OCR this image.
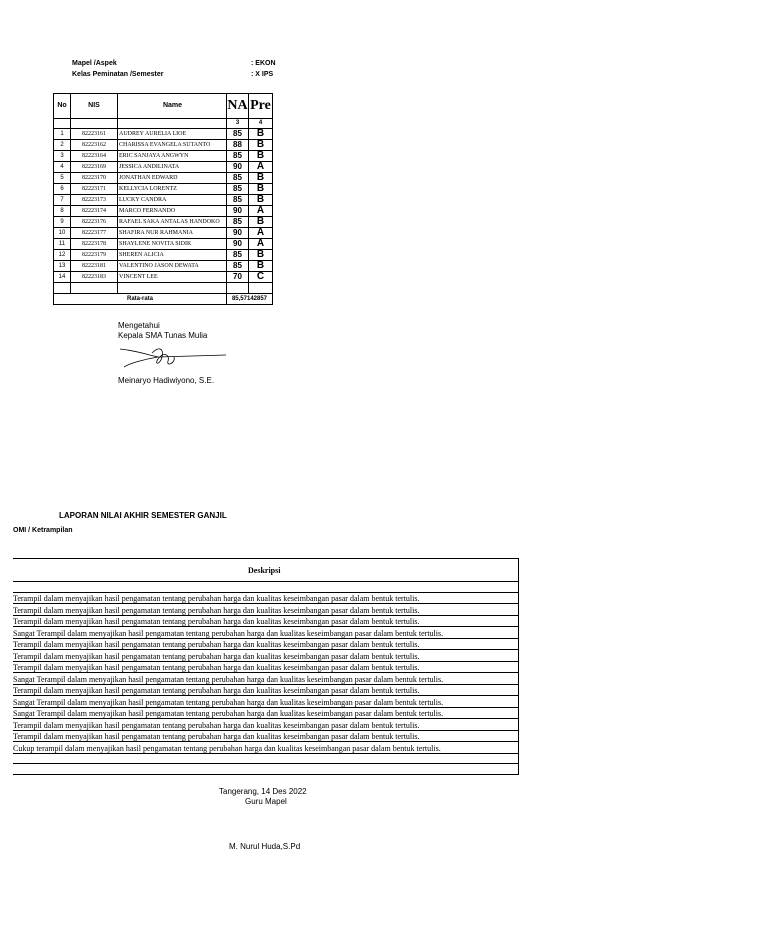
Mapel /Aspek	: EKON
Kelas Peminatan /Semester	: X IPS
No	NIS	Name	NA	Pre
			3	4
1	82223161	AUDREY AURELIA LIOE	85	B
2	82223162	CHARISSA EVANGELA SUTANTO	88	B
3	82223164	ERIC SANJAYA ANGWYN	85	B
4	82223169	JESSICA ANDILINATA	90	A
5	82223170	JONATHAN EDWARD	85	B
6	82223171	KELLYCIA LORENTZ	85	B
7	82223173	LUCKY CANDRA	85	B
8	82223174	MARCO FERNANDO	90	A
9	82223176	RAFAEL SAKA ANTALAS HANDOKO	85	B
10	82223177	SHAFIRA NUR RAHMANIA	90	A
11	82223178	SHAYLENE NOVITA SIDIK	90	A
12	82223179	SHEREN ALICIA	85	B
13	82223181	VALENTINO JASON DEWATA	85	B
14	82223183	VINCENT LEE	70	C

Rata-rata			85,57142857	
Mengetahui
Kepala SMA Tunas Mulia
Meinaryo Hadiwiyono, S.E.
LAPORAN NILAI AKHIR SEMESTER GANJIL
OMI / Ketrampilan
Deskripsi
Terampil dalam menyajikan hasil pengamatan tentang perubahan harga dan kualitas keseimbangan pasar dalam bentuk tertulis.
Terampil dalam menyajikan hasil pengamatan tentang perubahan harga dan kualitas keseimbangan pasar dalam bentuk tertulis.
Terampil dalam menyajikan hasil pengamatan tentang perubahan harga dan kualitas keseimbangan pasar dalam bentuk tertulis.
Sangat Terampil dalam menyajikan hasil pengamatan tentang perubahan harga dan kualitas keseimbangan pasar dalam bentuk tertulis.
Terampil dalam menyajikan hasil pengamatan tentang perubahan harga dan kualitas keseimbangan pasar dalam bentuk tertulis.
Terampil dalam menyajikan hasil pengamatan tentang perubahan harga dan kualitas keseimbangan pasar dalam bentuk tertulis.
Terampil dalam menyajikan hasil pengamatan tentang perubahan harga dan kualitas keseimbangan pasar dalam bentuk tertulis.
Sangat Terampil dalam menyajikan hasil pengamatan tentang perubahan harga dan kualitas keseimbangan pasar dalam bentuk tertulis.
Terampil dalam menyajikan hasil pengamatan tentang perubahan harga dan kualitas keseimbangan pasar dalam bentuk tertulis.
Sangat Terampil dalam menyajikan hasil pengamatan tentang perubahan harga dan kualitas keseimbangan pasar dalam bentuk tertulis.
Sangat Terampil dalam menyajikan hasil pengamatan tentang perubahan harga dan kualitas keseimbangan pasar dalam bentuk tertulis.
Terampil dalam menyajikan hasil pengamatan tentang perubahan harga dan kualitas keseimbangan pasar dalam bentuk tertulis.
Terampil dalam menyajikan hasil pengamatan tentang perubahan harga dan kualitas keseimbangan pasar dalam bentuk tertulis.
Cukup terampil dalam menyajikan hasil pengamatan tentang perubahan harga dan kualitas keseimbangan pasar dalam bentuk tertulis.
Tangerang, 14 Des 2022
Guru Mapel
M. Nurul Huda,S.Pd
